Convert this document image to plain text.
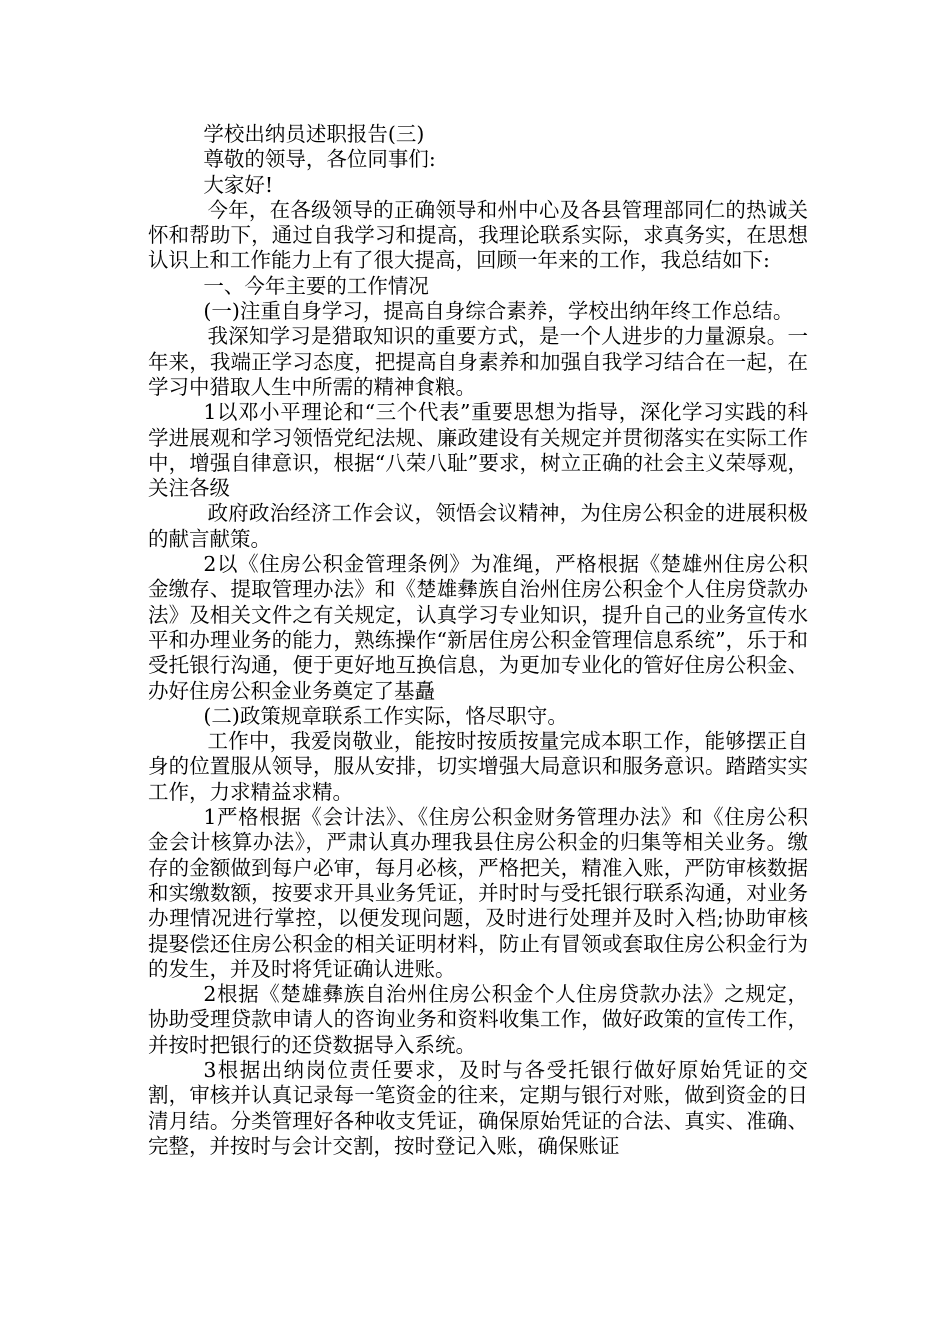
学校出纳员述职报告(三)

尊敬的领导，各位同事们:

大家好!

今年，在各级领导的正确领导和州中心及各县管理部同仁的热诚关怀和帮助下，通过自我学习和提高，我理论联系实际，求真务实，在思想认识上和工作能力上有了很大提高，回顾一年来的工作，我总结如下:

一、今年主要的工作情况

(一)注重自身学习，提高自身综合素养，学校出纳年终工作总结。

我深知学习是猎取知识的重要方式，是一个人进步的力量源泉。一年来，我端正学习态度，把提高自身素养和加强自我学习结合在一起，在学习中猎取人生中所需的精神食粮。

1以邓小平理论和“三个代表”重要思想为指导，深化学习实践的科学进展观和学习领悟党纪法规、廉政建设有关规定并贯彻落实在实际工作中，增强自律意识，根据“八荣八耻”要求，树立正确的社会主义荣辱观，关注各级

政府政治经济工作会议，领悟会议精神，为住房公积金的进展积极的献言献策。

2以《住房公积金管理条例》为准绳，严格根据《楚雄州住房公积金缴存、提取管理办法》和《楚雄彝族自治州住房公积金个人住房贷款办法》及相关文件之有关规定，认真学习专业知识，提升自己的业务宣传水平和办理业务的能力，熟练操作“新居住房公积金管理信息系统”，乐于和受托银行沟通，便于更好地互换信息，为更加专业化的管好住房公积金、办好住房公积金业务奠定了基矗

(二)政策规章联系工作实际，恪尽职守。

工作中，我爱岗敬业，能按时按质按量完成本职工作，能够摆正自身的位置服从领导，服从安排，切实增强大局意识和服务意识。踏踏实实工作，力求精益求精。

1严格根据《会计法》、《住房公积金财务管理办法》和《住房公积金会计核算办法》，严肃认真办理我县住房公积金的归集等相关业务。缴存的金额做到每户必审，每月必核，严格把关，精准入账，严防审核数据和实缴数额，按要求开具业务凭证，并时时与受托银行联系沟通，对业务办理情况进行掌控，以便发现问题，及时进行处理并及时入档;协助审核提娶偿还住房公积金的相关证明材料，防止有冒领或套取住房公积金行为的发生，并及时将凭证确认进账。

2根据《楚雄彝族自治州住房公积金个人住房贷款办法》之规定，协助受理贷款申请人的咨询业务和资料收集工作，做好政策的宣传工作，并按时把银行的还贷数据导入系统。

3根据出纳岗位责任要求，及时与各受托银行做好原始凭证的交割，审核并认真记录每一笔资金的往来，定期与银行对账，做到资金的日清月结。分类管理好各种收支凭证，确保原始凭证的合法、真实、准确、完整，并按时与会计交割，按时登记入账，确保账证
